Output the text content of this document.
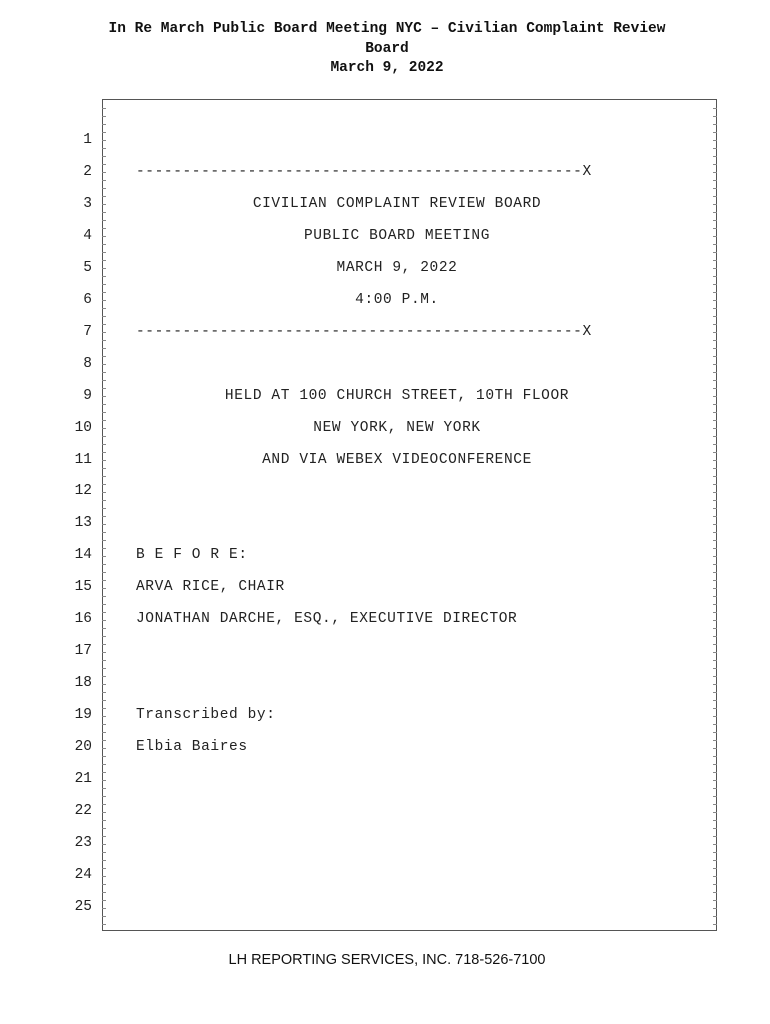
In Re March Public Board Meeting NYC – Civilian Complaint Review
Board
March 9, 2022
1
2	------------------------------------------------X
3	CIVILIAN COMPLAINT REVIEW BOARD
4	PUBLIC BOARD MEETING
5	MARCH 9, 2022
6	4:00 P.M.
7	------------------------------------------------X
8
9	HELD AT 100 CHURCH STREET, 10TH FLOOR
10	NEW YORK, NEW YORK
11	AND VIA WEBEX VIDEOCONFERENCE
12
13
14	B E F O R E:
15	ARVA RICE, CHAIR
16	JONATHAN DARCHE, ESQ., EXECUTIVE DIRECTOR
17
18
19	Transcribed by:
20	Elbia Baires
21
22
23
24
25
LH REPORTING SERVICES, INC. 718-526-7100
